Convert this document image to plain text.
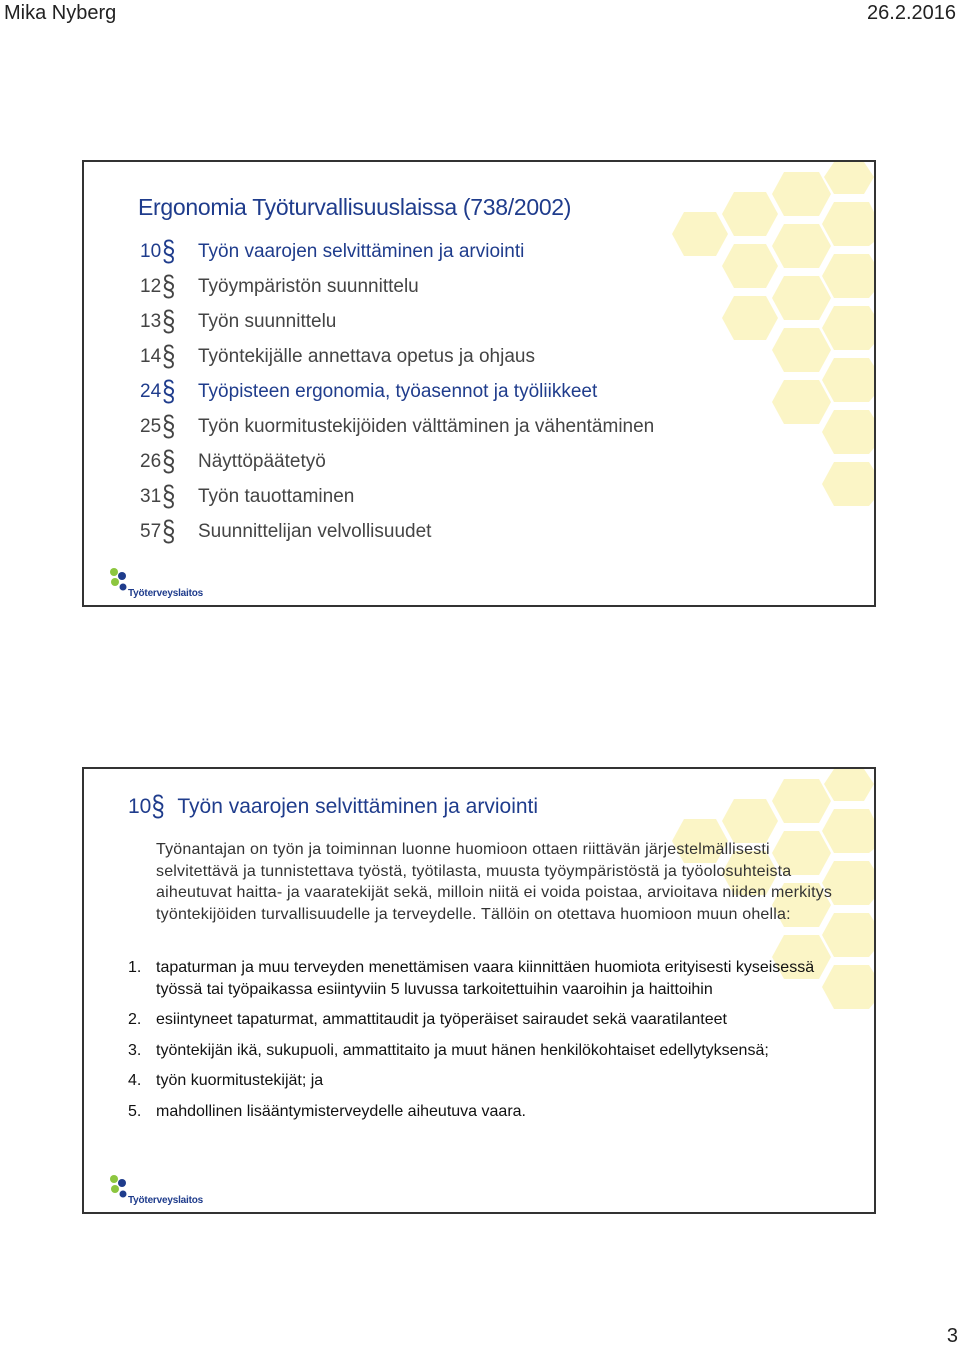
Mika Nyberg	26.2.2016
Ergonomia Työturvallisuuslaissa (738/2002)
10 §	Työn vaarojen selvittäminen ja arviointi
12 §	Työympäristön suunnittelu
13 §	Työn suunnittelu
14 §	Työntekijälle annettava opetus ja ohjaus
24 §	Työpisteen ergonomia, työasennot ja työliikkeet
25 §	Työn kuormitustekijöiden välttäminen ja vähentäminen
26 §	Näyttöpäätetyö
31 §	Työn tauottaminen
57 §	Suunnittelijan velvollisuudet
Työterveyslaitos
10 § Työn vaarojen selvittäminen ja arviointi
Työnantajan on työn ja toiminnan luonne huomioon ottaen riittävän järjestelmällisesti selvitettävä ja tunnistettava työstä, työtilasta, muusta työympäristöstä ja työolosuhteista aiheutuvat haitta- ja vaaratekijät sekä, milloin niitä ei voida poistaa, arvioitava niiden merkitys työntekijöiden turvallisuudelle ja terveydelle. Tällöin on otettava huomioon muun ohella:
1. tapaturman ja muu terveyden menettämisen vaara kiinnittäen huomiota erityisesti kyseisessä työssä tai työpaikassa esiintyviin 5 luvussa tarkoitettuihin vaaroihin ja haittoihin
2. esiintyneet tapaturmat, ammattitaudit ja työperäiset sairaudet sekä vaaratilanteet
3. työntekijän ikä, sukupuoli, ammattitaito ja muut hänen henkilökohtaiset edellytyksensä;
4. työn kuormitustekijät; ja
5. mahdollinen lisääntymisterveydelle aiheutuva vaara.
Työterveyslaitos
3
